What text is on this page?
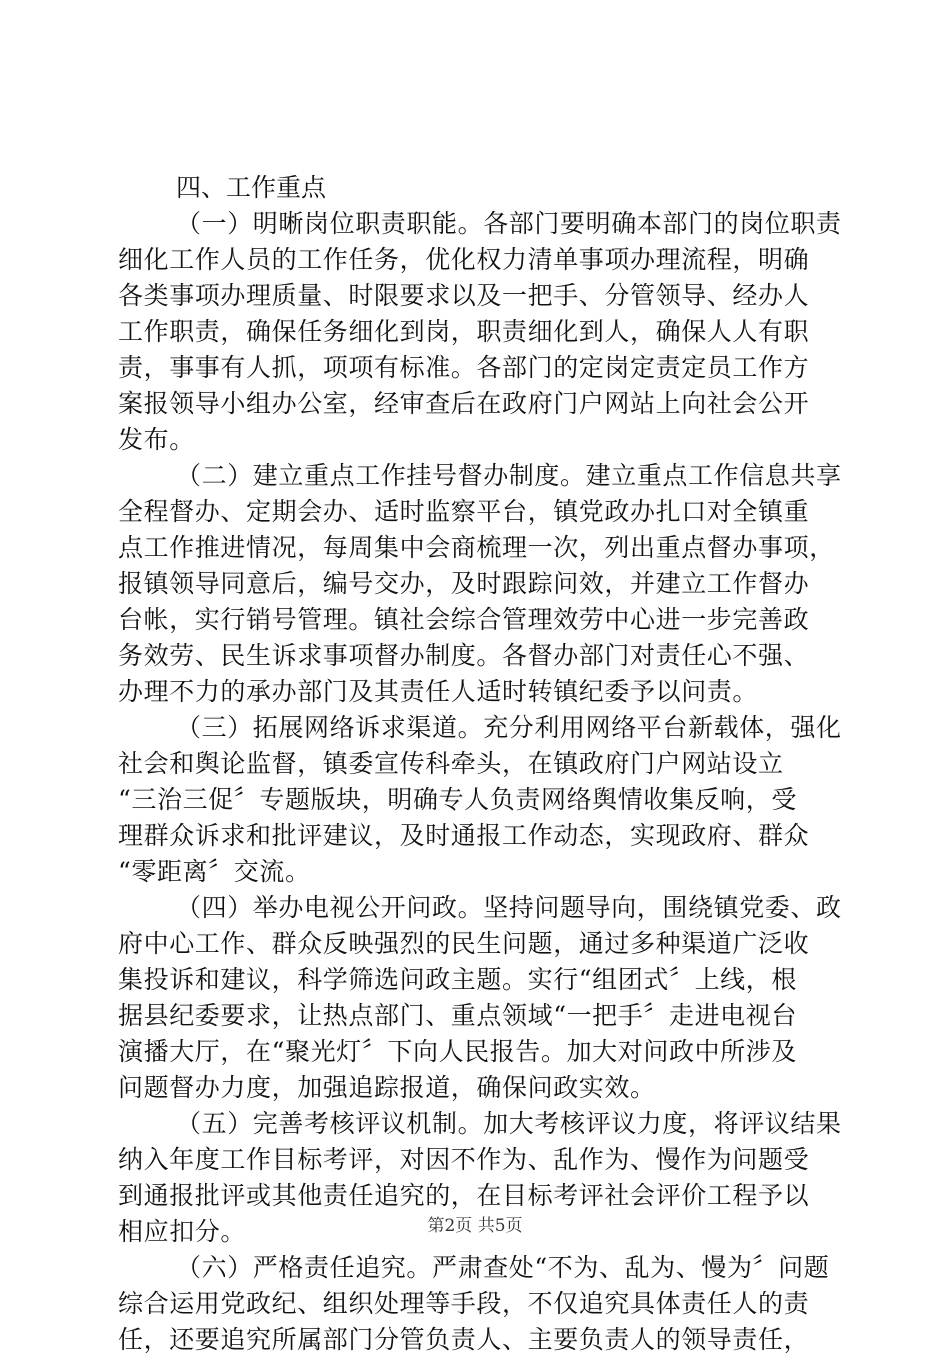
四、工作重点
（一）明晰岗位职责职能。各部门要明确本部门的岗位职责
细化工作人员的工作任务，优化权力清单事项办理流程，明确
各类事项办理质量、时限要求以及一把手、分管领导、经办人
工作职责，确保任务细化到岗，职责细化到人，确保人人有职
责，事事有人抓，项项有标准。各部门的定岗定责定员工作方
案报领导小组办公室，经审查后在政府门户网站上向社会公开
发布。
（二）建立重点工作挂号督办制度。建立重点工作信息共享
全程督办、定期会办、适时监察平台，镇党政办扎口对全镇重
点工作推进情况，每周集中会商梳理一次，列出重点督办事项，
报镇领导同意后，编号交办，及时跟踪问效，并建立工作督办
台帐，实行销号管理。镇社会综合管理效劳中心进一步完善政
务效劳、民生诉求事项督办制度。各督办部门对责任心不强、
办理不力的承办部门及其责任人适时转镇纪委予以问责。
（三）拓展网络诉求渠道。充分利用网络平台新载体，强化
社会和舆论监督，镇委宣传科牵头，在镇政府门户网站设立
“三治三促〞专题版块，明确专人负责网络舆情收集反响，受
理群众诉求和批评建议，及时通报工作动态，实现政府、群众
“零距离〞交流。
（四）举办电视公开问政。坚持问题导向，围绕镇党委、政
府中心工作、群众反映强烈的民生问题，通过多种渠道广泛收
集投诉和建议，科学筛选问政主题。实行“组团式〞上线，根
据县纪委要求，让热点部门、重点领域“一把手〞走进电视台
演播大厅，在“聚光灯〞下向人民报告。加大对问政中所涉及
问题督办力度，加强追踪报道，确保问政实效。
（五）完善考核评议机制。加大考核评议力度，将评议结果
纳入年度工作目标考评，对因不作为、乱作为、慢作为问题受
到通报批评或其他责任追究的，在目标考评社会评价工程予以
相应扣分。
（六）严格责任追究。严肃查处“不为、乱为、慢为〞问题
综合运用党政纪、组织处理等手段，不仅追究具体责任人的责
任，还要追究所属部门分管负责人、主要负责人的领导责任，
第2页 共5页
